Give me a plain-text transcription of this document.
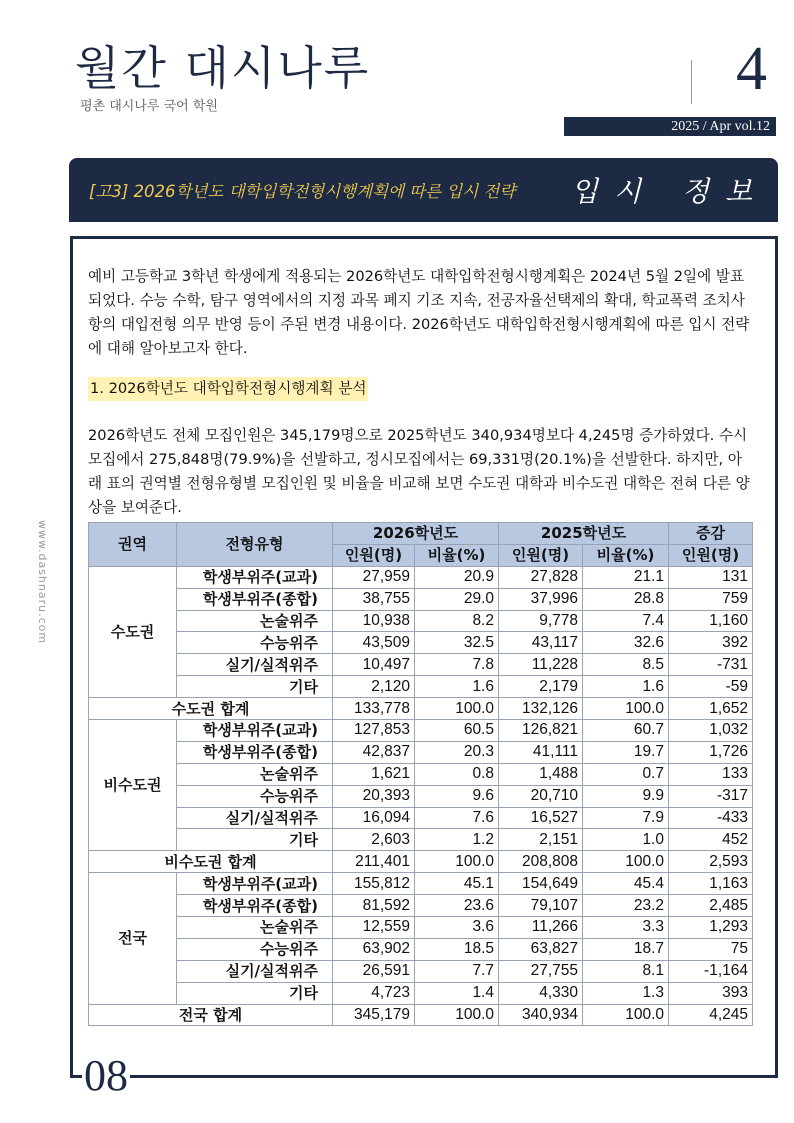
월간 대시나루
평촌 대시나루 국어 학원
4
2025 / Apr vol.12
[고3] 2026학년도 대학입학전형시행계획에 따른 입시 전략 입시 정보
www.dashnaru.com

예비 고등학교 3학년 학생에게 적용되는 2026학년도 대학입학전형시행계획은 2024년 5월 2일에 발표되었다. 수능 수학, 탐구 영역에서의 지정 과목 폐지 기조 지속, 전공자율선택제의 확대, 학교폭력 조치사항의 대입전형 의무 반영 등이 주된 변경 내용이다. 2026학년도 대학입학전형시행계획에 따른 입시 전략에 대해 알아보고자 한다.

1. 2026학년도 대학입학전형시행계획 분석

2026학년도 전체 모집인원은 345,179명으로 2025학년도 340,934명보다 4,245명 증가하였다. 수시모집에서 275,848명(79.9%)을 선발하고, 정시모집에서는 69,331명(20.1%)을 선발한다. 하지만, 아래 표의 권역별 전형유형별 모집인원 및 비율을 비교해 보면 수도권 대학과 비수도권 대학은 전혀 다른 양상을 보여준다.

권역	전형유형	2026학년도		2025학년도		증감
		인원(명)	비율(%)	인원(명)	비율(%)	인원(명)
수도권	학생부위주(교과)	27,959	20.9	27,828	21.1	131
	학생부위주(종합)	38,755	29.0	37,996	28.8	759
	논술위주	10,938	8.2	9,778	7.4	1,160
	수능위주	43,509	32.5	43,117	32.6	392
	실기/실적위주	10,497	7.8	11,228	8.5	-731
	기타	2,120	1.6	2,179	1.6	-59
수도권 합계		133,778	100.0	132,126	100.0	1,652
비수도권	학생부위주(교과)	127,853	60.5	126,821	60.7	1,032
	학생부위주(종합)	42,837	20.3	41,111	19.7	1,726
	논술위주	1,621	0.8	1,488	0.7	133
	수능위주	20,393	9.6	20,710	9.9	-317
	실기/실적위주	16,094	7.6	16,527	7.9	-433
	기타	2,603	1.2	2,151	1.0	452
비수도권 합계		211,401	100.0	208,808	100.0	2,593
전국	학생부위주(교과)	155,812	45.1	154,649	45.4	1,163
	학생부위주(종합)	81,592	23.6	79,107	23.2	2,485
	논술위주	12,559	3.6	11,266	3.3	1,293
	수능위주	63,902	18.5	63,827	18.7	75
	실기/실적위주	26,591	7.7	27,755	8.1	-1,164
	기타	4,723	1.4	4,330	1.3	393
전국 합계		345,179	100.0	340,934	100.0	4,245
08
